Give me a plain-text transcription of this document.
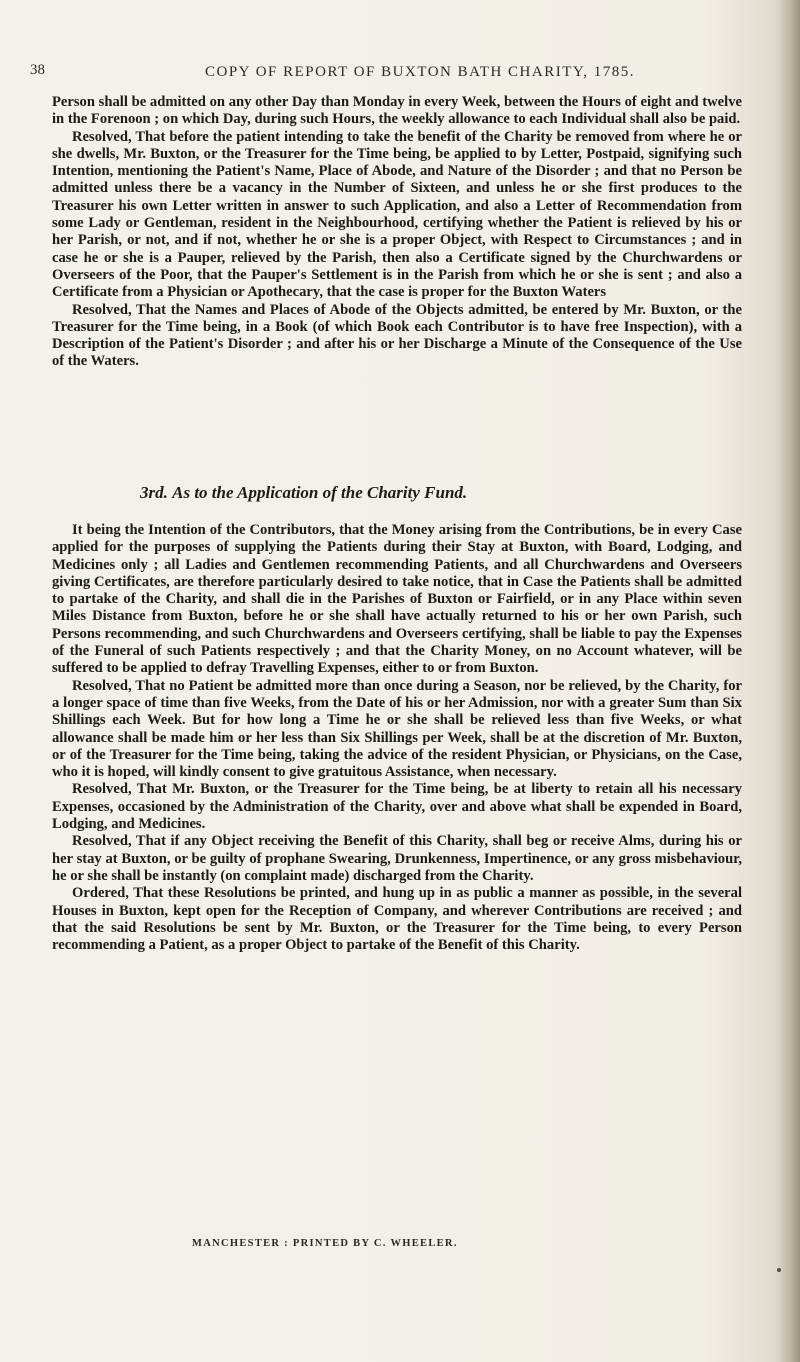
38	COPY OF REPORT OF BUXTON BATH CHARITY, 1785.

Person shall be admitted on any other Day than Monday in every Week, between the Hours of eight and twelve in the Forenoon ; on which Day, during such Hours, the weekly allowance to each Individual shall also be paid.

Resolved, That before the patient intending to take the benefit of the Charity be removed from where he or she dwells, Mr. Buxton, or the Treasurer for the Time being, be applied to by Letter, Postpaid, signifying such Intention, mentioning the Patient's Name, Place of Abode, and Nature of the Disorder ; and that no Person be admitted unless there be a vacancy in the Number of Sixteen, and unless he or she first produces to the Treasurer his own Letter written in answer to such Application, and also a Letter of Recommendation from some Lady or Gentleman, resident in the Neighbourhood, certifying whether the Patient is relieved by his or her Parish, or not, and if not, whether he or she is a proper Object, with Respect to Circumstances ; and in case he or she is a Pauper, relieved by the Parish, then also a Certificate signed by the Churchwardens or Overseers of the Poor, that the Pauper's Settlement is in the Parish from which he or she is sent ; and also a Certificate from a Physician or Apothecary, that the case is proper for the Buxton Waters

Resolved, That the Names and Places of Abode of the Objects admitted, be entered by Mr. Buxton, or the Treasurer for the Time being, in a Book (of which Book each Contributor is to have free Inspection), with a Description of the Patient's Disorder ; and after his or her Discharge a Minute of the Consequence of the Use of the Waters.

3rd. As to the Application of the Charity Fund.

It being the Intention of the Contributors, that the Money arising from the Contributions, be in every Case applied for the purposes of supplying the Patients during their Stay at Buxton, with Board, Lodging, and Medicines only ; all Ladies and Gentlemen recommending Patients, and all Churchwardens and Overseers giving Certificates, are therefore particularly desired to take notice, that in Case the Patients shall be admitted to partake of the Charity, and shall die in the Parishes of Buxton or Fairfield, or in any Place within seven Miles Distance from Buxton, before he or she shall have actually returned to his or her own Parish, such Persons recommending, and such Churchwardens and Overseers certifying, shall be liable to pay the Expenses of the Funeral of such Patients respectively ; and that the Charity Money, on no Account whatever, will be suffered to be applied to defray Travelling Expenses, either to or from Buxton.

Resolved, That no Patient be admitted more than once during a Season, nor be relieved, by the Charity, for a longer space of time than five Weeks, from the Date of his or her Admission, nor with a greater Sum than Six Shillings each Week. But for how long a Time he or she shall be relieved less than five Weeks, or what allowance shall be made him or her less than Six Shillings per Week, shall be at the discretion of Mr. Buxton, or of the Treasurer for the Time being, taking the advice of the resident Physician, or Physicians, on the Case, who it is hoped, will kindly consent to give gratuitous Assistance, when necessary.

Resolved, That Mr. Buxton, or the Treasurer for the Time being, be at liberty to retain all his necessary Expenses, occasioned by the Administration of the Charity, over and above what shall be expended in Board, Lodging, and Medicines.

Resolved, That if any Object receiving the Benefit of this Charity, shall beg or receive Alms, during his or her stay at Buxton, or be guilty of prophane Swearing, Drunkenness, Impertinence, or any gross misbehaviour, he or she shall be instantly (on complaint made) discharged from the Charity.

Ordered, That these Resolutions be printed, and hung up in as public a manner as possible, in the several Houses in Buxton, kept open for the Reception of Company, and wherever Contributions are received ; and that the said Resolutions be sent by Mr. Buxton, or the Treasurer for the Time being, to every Person recommending a Patient, as a proper Object to partake of the Benefit of this Charity.

MANCHESTER : PRINTED BY C. WHEELER.
